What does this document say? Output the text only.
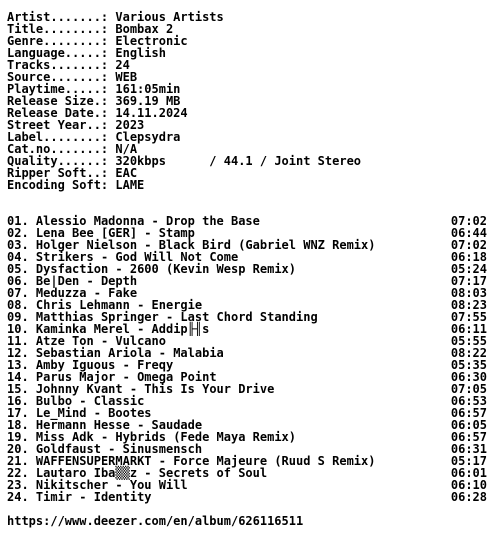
Artist.......: Various Artists
Title........: Bombax 2
Genre........: Electronic
Language.....: English
Tracks.......: 24
Source.......: WEB
Playtime.....: 161:05min
Release Size.: 369.19 MB
Release Date.: 14.11.2024
Street Year..: 2023
Label........: Clepsydra
Cat.no.......: N/A
Quality......: 320kbps      / 44.1 / Joint Stereo
Ripper Soft..: EAC
Encoding Soft: LAME
01. Alessio Madonna - Drop the Base	07:02
02. Lena Bee [GER] - Stamp	06:44
03. Holger Nielson - Black Bird (Gabriel WNZ Remix)	07:02
04. Strikers - God Will Not Come	06:18
05. Dysfaction - 2600 (Kevin Wesp Remix)	05:24
06. Be|Den - Depth	07:17
07. Meduzza - Fake	08:03
08. Chris Lehmann - Energie	08:23
09. Matthias Springer - Last Chord Standing	07:55
10. Kaminka Merel - Addip╟╢s	06:11
11. Atze Ton - Vulcano	05:55
12. Sebastian Ariola - Malabia	08:22
13. Amby Iguous - Freqy	05:35
14. Parus Major - Omega Point	06:30
15. Johnny Kvant - This Is Your Drive	07:05
16. Bulbo - Classic	06:53
17. Le_Mind - Bootes	06:57
18. Hermann Hesse - Saudade	06:05
19. Miss Adk - Hybrids (Fede Maya Remix)	06:57
20. Goldfaust - Sinusmensch	06:31
21. WAFFENSUPERMARKT - Force Majeure (Ruud S Remix)	05:17
22. Lautaro Iba▒▒z - Secrets of Soul	06:01
23. Nikitscher - You Will	06:10
24. Timir - Identity	06:28
https://www.deezer.com/en/album/626116511
